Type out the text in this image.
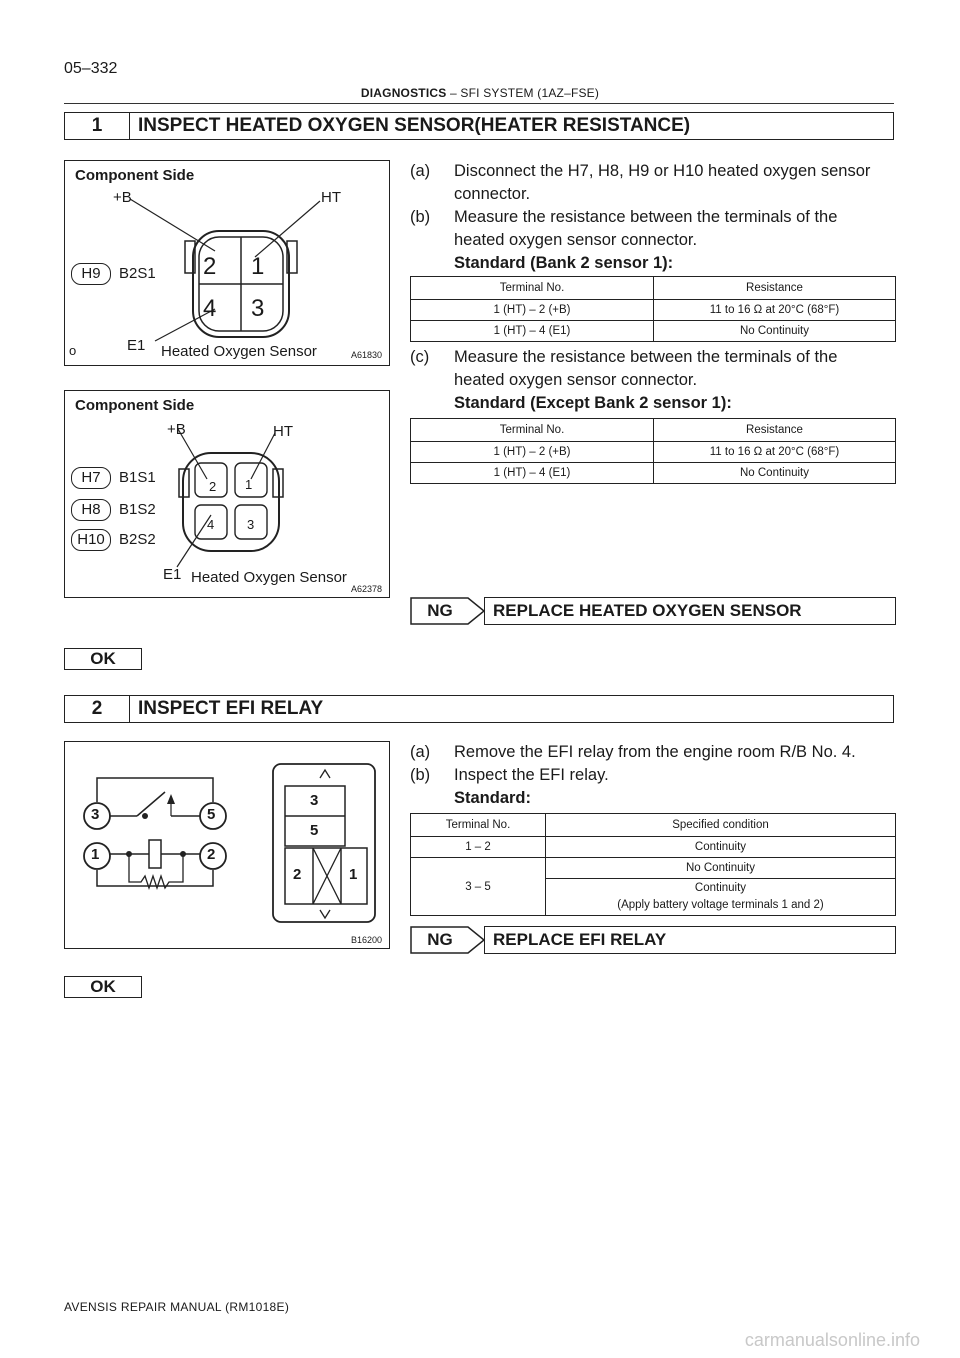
05–332
DIAGNOSTICS – SFI SYSTEM (1AZ–FSE)
1	INSPECT HEATED OXYGEN SENSOR(HEATER RESISTANCE)
Component Side
+B	HT
H9	B2S1 2 1
4 3
o	E1 Heated Oxygen Sensor	A61830
Component Side
+B	HT
H7	B1S1
H8	B1S2
H10 B2S2
2 1
4	3
E1 Heated Oxygen Sensor
A62378
(a) Disconnect the H7, H8, H9 or H10 heated oxygen sensor
connector.
(b) Measure the resistance between the terminals of the
heated oxygen sensor connector.
Standard (Bank 2 sensor 1):
Terminal No.	Resistance
1 (HT) – 2 (+B)	11 to 16 Ω at 20°C (68°F)
1 (HT) – 4 (E1)	No Continuity
(c) Measure the resistance between the terminals of the
heated oxygen sensor connector.
Standard (Except Bank 2 sensor 1):
Terminal No.	Resistance
1 (HT) – 2 (+B)	11 to 16 Ω at 20°C (68°F)
1 (HT) – 4 (E1)	No Continuity
NG	REPLACE HEATED OXYGEN SENSOR
OK
2	INSPECT EFI RELAY
3	5
1	2
3
5
2	1
B16200
(a) Remove the EFI relay from the engine room R/B No. 4.
(b) Inspect the EFI relay.
Standard:
Terminal No.	Specified condition
1 – 2	Continuity
3 – 5	No Continuity

	Continuity
(Apply battery voltage terminals 1 and 2)
NG	REPLACE EFI RELAY
OK
AVENSIS REPAIR MANUAL (RM1018E)
carmanualsonline.info
